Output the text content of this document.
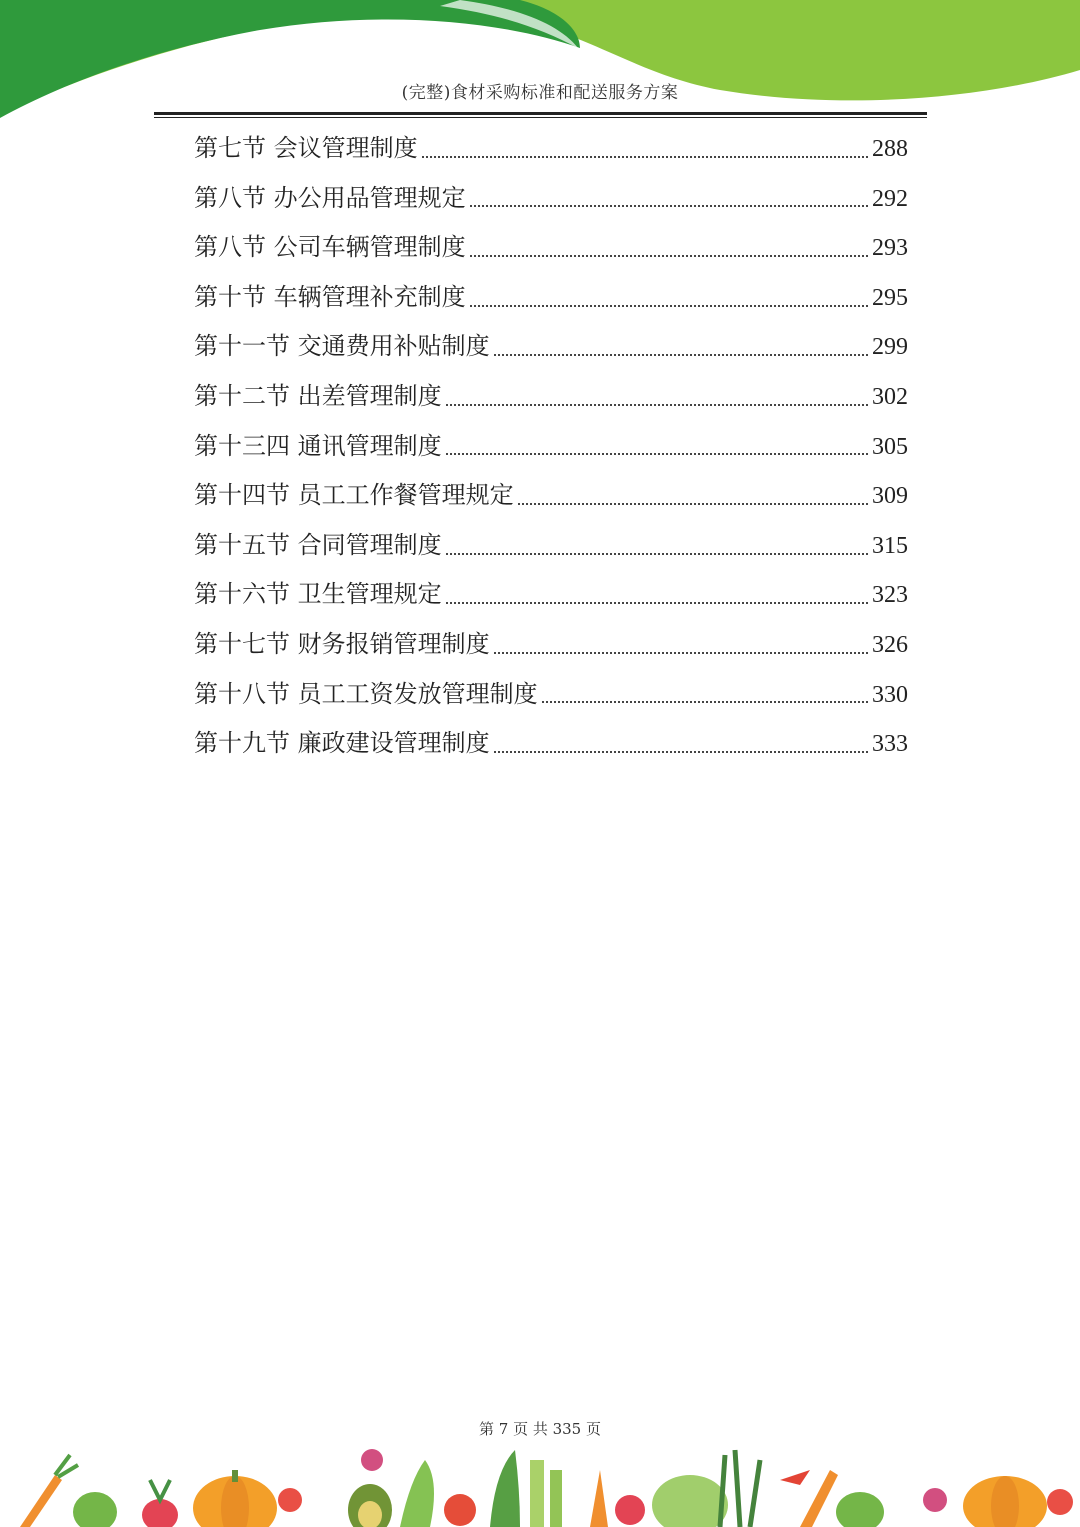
(完整)食材采购标准和配送服务方案
第七节 会议管理制度	288
第八节 办公用品管理规定	292
第八节 公司车辆管理制度	293
第十节 车辆管理补充制度	295
第十一节 交通费用补贴制度	299
第十二节 出差管理制度	302
第十三四 通讯管理制度	305
第十四节 员工工作餐管理规定	309
第十五节 合同管理制度	315
第十六节 卫生管理规定	323
第十七节 财务报销管理制度	326
第十八节 员工工资发放管理制度	330
第十九节 廉政建设管理制度	333
第 7 页 共 335 页
